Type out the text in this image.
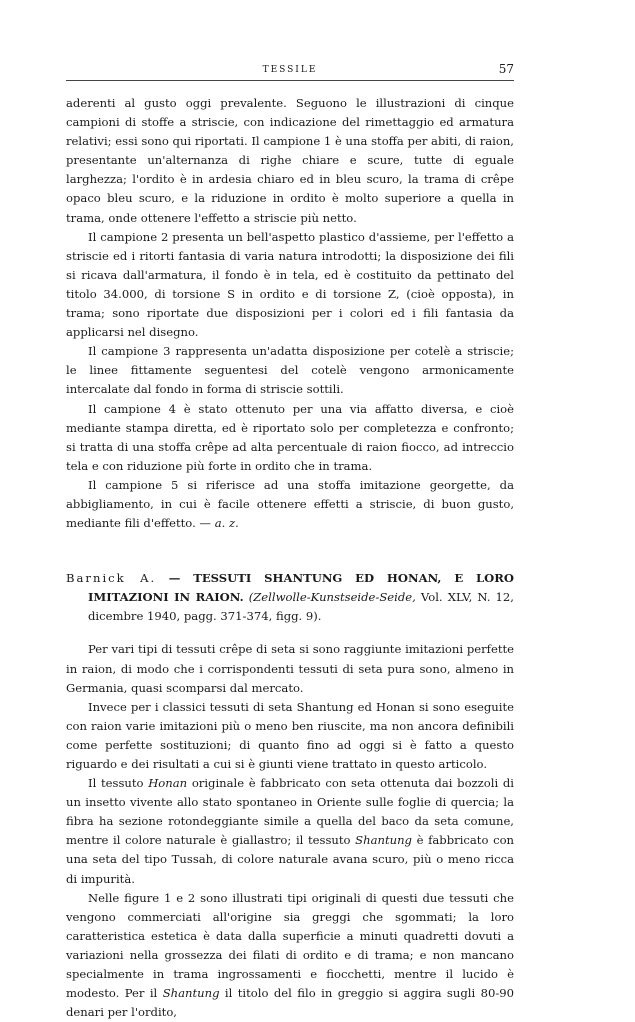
TESSILE	57

aderenti al gusto oggi prevalente. Seguono le illustrazioni di cinque campioni di stoffe a striscie, con indicazione del rimettaggio ed armatura relativi; essi sono qui riportati. Il campione 1 è una stoffa per abiti, di raion, presentante un'alternanza di righe chiare e scure, tutte di eguale larghezza; l'ordito è in ardesia chiaro ed in bleu scuro, la trama di crêpe opaco bleu scuro, e la riduzione in ordito è molto superiore a quella in trama, onde ottenere l'effetto a striscie più netto.

Il campione 2 presenta un bell'aspetto plastico d'assieme, per l'effetto a striscie ed i ritorti fantasia di varia natura introdotti; la disposizione dei fili si ricava dall'armatura, il fondo è in tela, ed è costituito da pettinato del titolo 34.000, di torsione S in ordito e di torsione Z, (cioè opposta), in trama; sono riportate due disposizioni per i colori ed i fili fantasia da applicarsi nel disegno.

Il campione 3 rappresenta un'adatta disposizione per cotelè a striscie; le linee fittamente seguentesi del cotelè vengono armonicamente intercalate dal fondo in forma di striscie sottili.

Il campione 4 è stato ottenuto per una via affatto diversa, e cioè mediante stampa diretta, ed è riportato solo per completezza e confronto; si tratta di una stoffa crêpe ad alta percentuale di raion fiocco, ad intreccio tela e con riduzione più forte in ordito che in trama.

Il campione 5 si riferisce ad una stoffa imitazione georgette, da abbigliamento, in cui è facile ottenere effetti a striscie, di buon gusto, mediante fili d'effetto. — a. z.

Barnick A. — TESSUTI SHANTUNG ED HONAN, E LORO IMITAZIONI IN RAION. (Zellwolle-Kunstseide-Seide, Vol. XLV, N. 12, dicembre 1940, pagg. 371-374, figg. 9).

Per vari tipi di tessuti crêpe di seta si sono raggiunte imitazioni perfette in raion, di modo che i corrispondenti tessuti di seta pura sono, almeno in Germania, quasi scomparsi dal mercato.

Invece per i classici tessuti di seta Shantung ed Honan si sono eseguite con raion varie imitazioni più o meno ben riuscite, ma non ancora definibili come perfette sostituzioni; di quanto fino ad oggi si è fatto a questo riguardo e dei risultati a cui si è giunti viene trattato in questo articolo.

Il tessuto Honan originale è fabbricato con seta ottenuta dai bozzoli di un insetto vivente allo stato spontaneo in Oriente sulle foglie di quercia; la fibra ha sezione rotondeggiante simile a quella del baco da seta comune, mentre il colore naturale è giallastro; il tessuto Shantung è fabbricato con una seta del tipo Tussah, di colore naturale avana scuro, più o meno ricca di impurità.

Nelle figure 1 e 2 sono illustrati tipi originali di questi due tessuti che vengono commerciati all'origine sia greggi che sgommati; la loro caratteristica estetica è data dalla superficie a minuti quadretti dovuti a variazioni nella grossezza dei filati di ordito e di trama; e non mancano specialmente in trama ingrossamenti e fiocchetti, mentre il lucido è modesto. Per il Shantung il titolo del filo in greggio si aggira sugli 80-90 denari per l'ordito,
